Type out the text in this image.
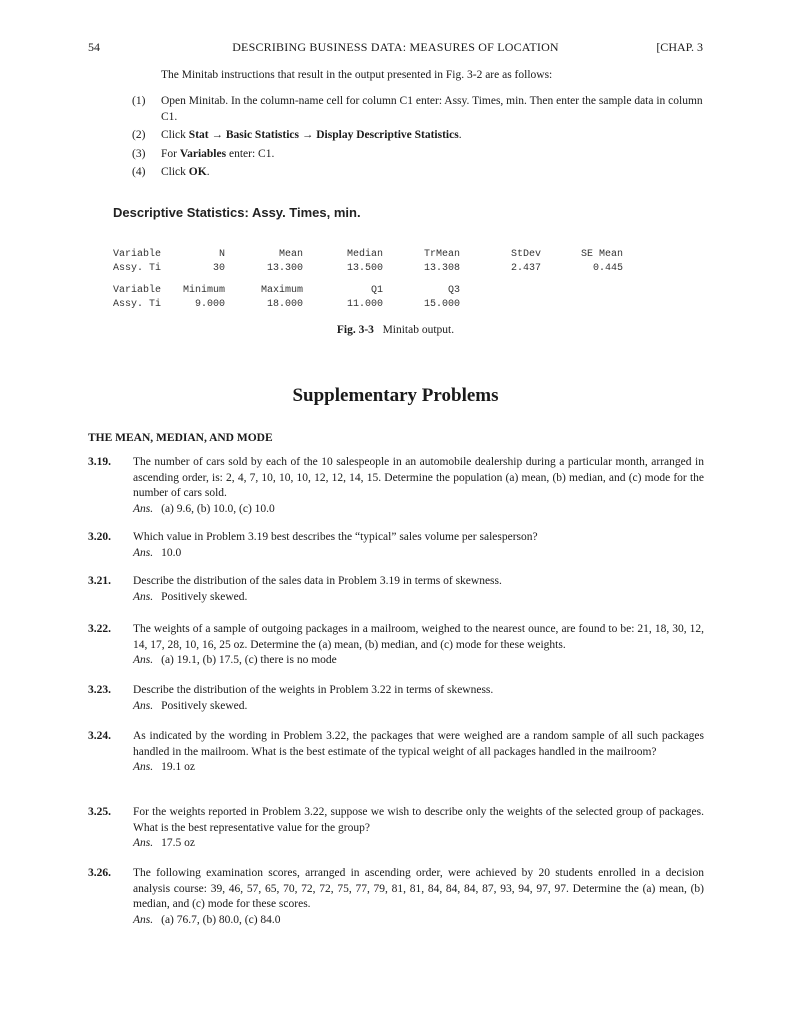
DESCRIBING BUSINESS DATA: MEASURES OF LOCATION
54	[CHAP. 3
The Minitab instructions that result in the output presented in Fig. 3-2 are as follows:
(1) Open Minitab. In the column-name cell for column C1 enter: Assy. Times, min. Then enter the sample data in column C1.
(2) Click Stat → Basic Statistics → Display Descriptive Statistics.
(3) For Variables enter: C1.
(4) Click OK.
Descriptive Statistics: Assy. Times, min.
Variable	N	Mean	Median	TrMean	StDev	SE Mean
Assy. Ti	30	13.300	13.500	13.308	2.437	0.445
Variable Minimum	Maximum	Q1	Q3
Assy. Ti	9.000	18.000	11.000	15.000
Fig. 3-3 Minitab output.
Supplementary Problems
THE MEAN, MEDIAN, AND MODE
3.19. The number of cars sold by each of the 10 salespeople in an automobile dealership during a particular month, arranged in ascending order, is: 2, 4, 7, 10, 10, 10, 12, 12, 14, 15. Determine the population (a) mean, (b) median, and (c) mode for the number of cars sold.
Ans. (a) 9.6, (b) 10.0, (c) 10.0
3.20. Which value in Problem 3.19 best describes the “typical” sales volume per salesperson?
Ans. 10.0
3.21. Describe the distribution of the sales data in Problem 3.19 in terms of skewness.
Ans. Positively skewed.
3.22. The weights of a sample of outgoing packages in a mailroom, weighed to the nearest ounce, are found to be: 21, 18, 30, 12, 14, 17, 28, 10, 16, 25 oz. Determine the (a) mean, (b) median, and (c) mode for these weights.
Ans. (a) 19.1, (b) 17.5, (c) there is no mode
3.23. Describe the distribution of the weights in Problem 3.22 in terms of skewness.
Ans. Positively skewed.
3.24. As indicated by the wording in Problem 3.22, the packages that were weighed are a random sample of all such packages handled in the mailroom. What is the best estimate of the typical weight of all packages handled in the mailroom?
Ans. 19.1 oz
3.25. For the weights reported in Problem 3.22, suppose we wish to describe only the weights of the selected group of packages. What is the best representative value for the group?
Ans. 17.5 oz
3.26. The following examination scores, arranged in ascending order, were achieved by 20 students enrolled in a decision analysis course: 39, 46, 57, 65, 70, 72, 72, 75, 77, 79, 81, 81, 84, 84, 84, 87, 93, 94, 97, 97. Determine the (a) mean, (b) median, and (c) mode for these scores.
Ans. (a) 76.7, (b) 80.0, (c) 84.0
